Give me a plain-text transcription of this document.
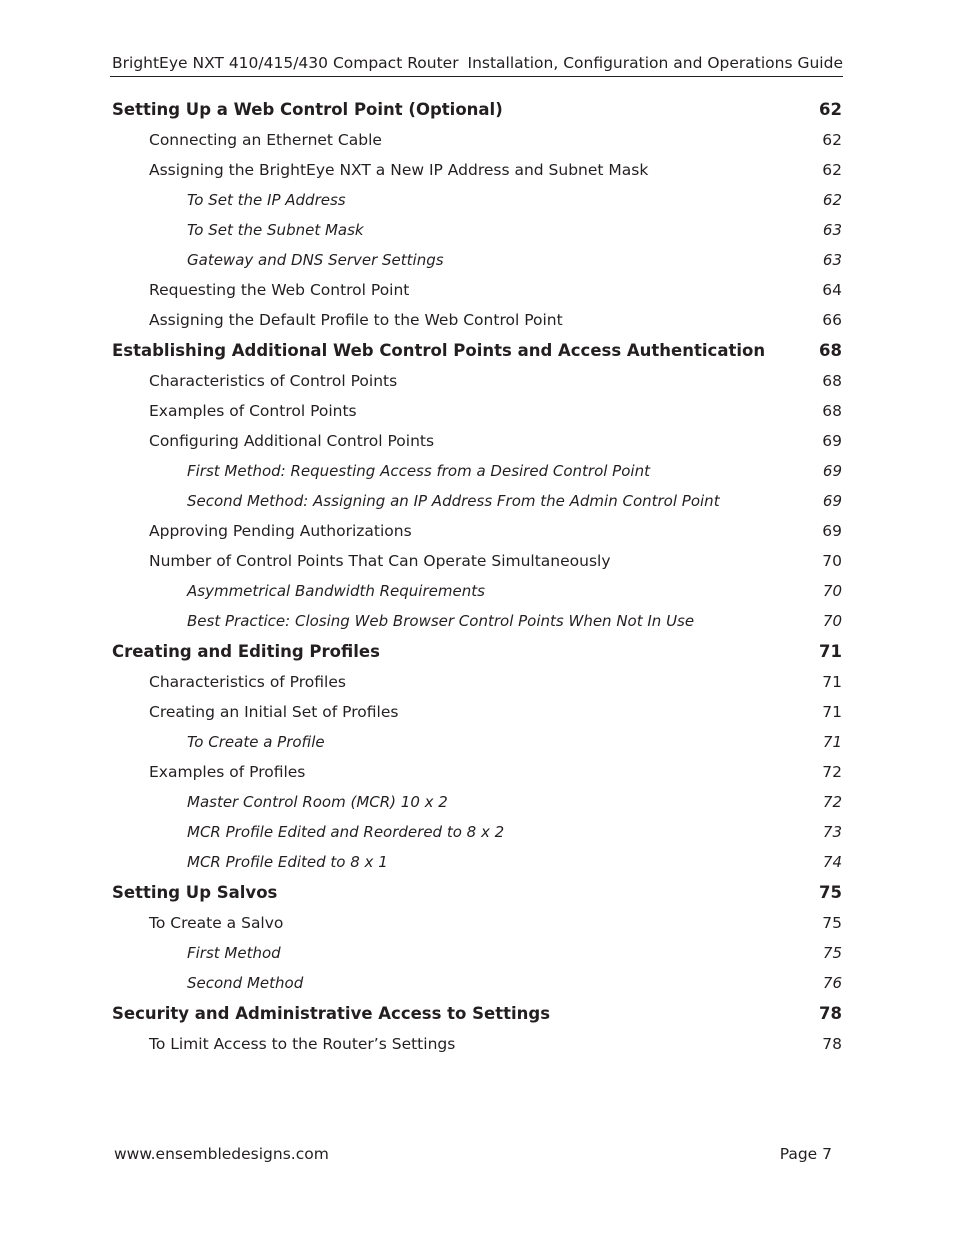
BrightEye NXT 410/415/430 Compact Router Installation, Configuration and Operations Guide
Setting Up a Web Control Point (Optional)	62
Connecting an Ethernet Cable	62
Assigning the BrightEye NXT a New IP Address and Subnet Mask	62
To Set the IP Address	62
To Set the Subnet Mask	63
Gateway and DNS Server Settings	63
Requesting the Web Control Point	64
Assigning the Default Profile to the Web Control Point	66
Establishing Additional Web Control Points and Access Authentication	68
Characteristics of Control Points	68
Examples of Control Points	68
Configuring Additional Control Points	69
First Method: Requesting Access from a Desired Control Point	69
Second Method: Assigning an IP Address From the Admin Control Point	69
Approving Pending Authorizations	69
Number of Control Points That Can Operate Simultaneously	70
Asymmetrical Bandwidth Requirements	70
Best Practice: Closing Web Browser Control Points When Not In Use	70
Creating and Editing Profiles	71
Characteristics of Profiles	71
Creating an Initial Set of Profiles	71
To Create a Profile	71
Examples of Profiles	72
Master Control Room (MCR) 10 x 2	72
MCR Profile Edited and Reordered to 8 x 2	73
MCR Profile Edited to 8 x 1	74
Setting Up Salvos	75
To Create a Salvo	75
First Method	75
Second Method	76
Security and Administrative Access to Settings	78
To Limit Access to the Router’s Settings	78
www.ensembledesigns.com	Page 7
